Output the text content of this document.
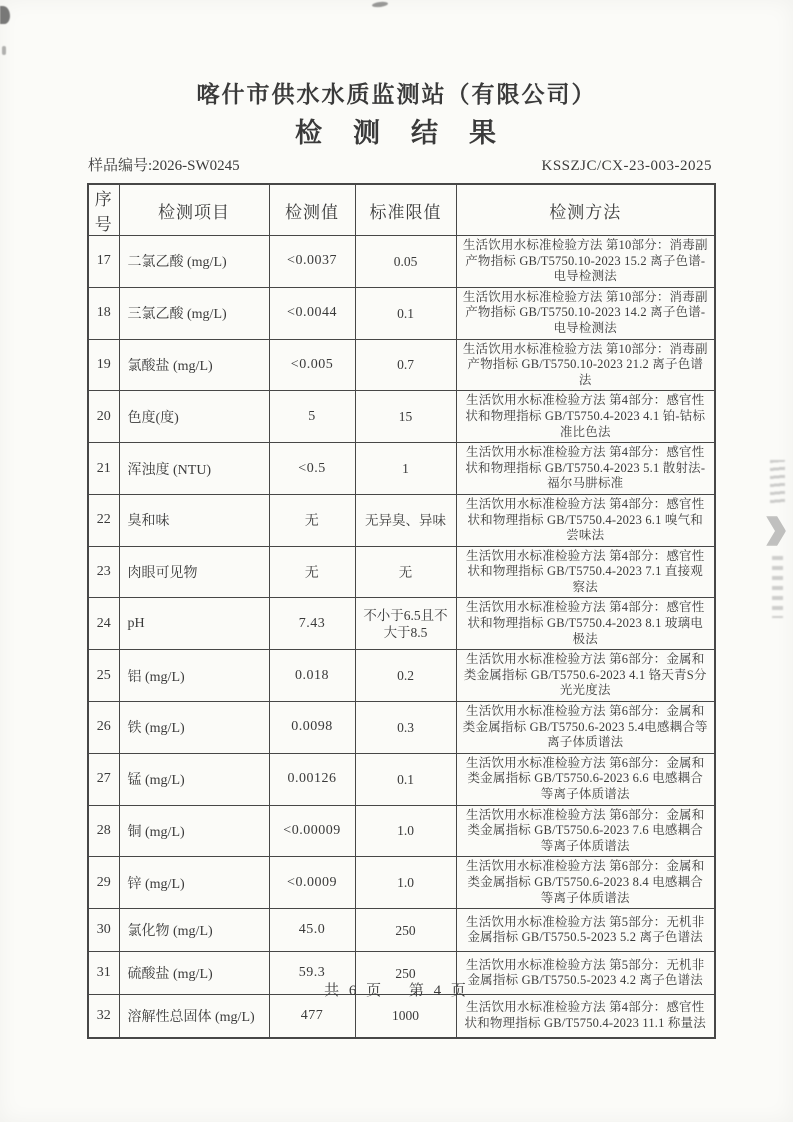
喀什市供水水质监测站（有限公司）
检　测　结　果
样品编号:2026-SW0245	KSSZJC/CX-23-003-2025
序号	检测项目	检测值	标准限值	检测方法
17	二氯乙酸 (mg/L)	<0.0037	0.05	生活饮用水标准检验方法 第10部分：消毒副产物指标 GB/T5750.10-2023 15.2 离子色谱-电导检测法
18	三氯乙酸 (mg/L)	<0.0044	0.1	生活饮用水标准检验方法 第10部分：消毒副产物指标 GB/T5750.10-2023 14.2 离子色谱-电导检测法
19	氯酸盐 (mg/L)	<0.005	0.7	生活饮用水标准检验方法 第10部分：消毒副产物指标 GB/T5750.10-2023 21.2 离子色谱法
20	色度(度)	5	15	生活饮用水标准检验方法 第4部分：感官性状和物理指标 GB/T5750.4-2023 4.1 铂-钴标准比色法
21	浑浊度 (NTU)	<0.5	1	生活饮用水标准检验方法 第4部分：感官性状和物理指标 GB/T5750.4-2023 5.1 散射法-福尔马肼标准
22	臭和味	无	无异臭、异味	生活饮用水标准检验方法 第4部分：感官性状和物理指标 GB/T5750.4-2023 6.1 嗅气和尝味法
23	肉眼可见物	无	无	生活饮用水标准检验方法 第4部分：感官性状和物理指标 GB/T5750.4-2023 7.1 直接观察法
24	pH	7.43	不小于6.5且不大于8.5	生活饮用水标准检验方法 第4部分：感官性状和物理指标 GB/T5750.4-2023 8.1 玻璃电极法
25	铝 (mg/L)	0.018	0.2	生活饮用水标准检验方法 第6部分：金属和类金属指标 GB/T5750.6-2023 4.1 铬天青S分光光度法
26	铁 (mg/L)	0.0098	0.3	生活饮用水标准检验方法 第6部分：金属和类金属指标 GB/T5750.6-2023 5.4电感耦合等离子体质谱法
27	锰 (mg/L)	0.00126	0.1	生活饮用水标准检验方法 第6部分：金属和类金属指标 GB/T5750.6-2023 6.6 电感耦合等离子体质谱法
28	铜 (mg/L)	<0.00009	1.0	生活饮用水标准检验方法 第6部分：金属和类金属指标 GB/T5750.6-2023 7.6 电感耦合等离子体质谱法
29	锌 (mg/L)	<0.0009	1.0	生活饮用水标准检验方法 第6部分：金属和类金属指标 GB/T5750.6-2023 8.4 电感耦合等离子体质谱法
30	氯化物 (mg/L)	45.0	250	生活饮用水标准检验方法 第5部分：无机非金属指标 GB/T5750.5-2023 5.2 离子色谱法
31	硫酸盐 (mg/L)	59.3	250	生活饮用水标准检验方法 第5部分：无机非金属指标 GB/T5750.5-2023 4.2 离子色谱法
32	溶解性总固体 (mg/L)	477	1000	生活饮用水标准检验方法 第4部分：感官性状和物理指标 GB/T5750.4-2023 11.1 称量法
共 6 页　 第 4 页
